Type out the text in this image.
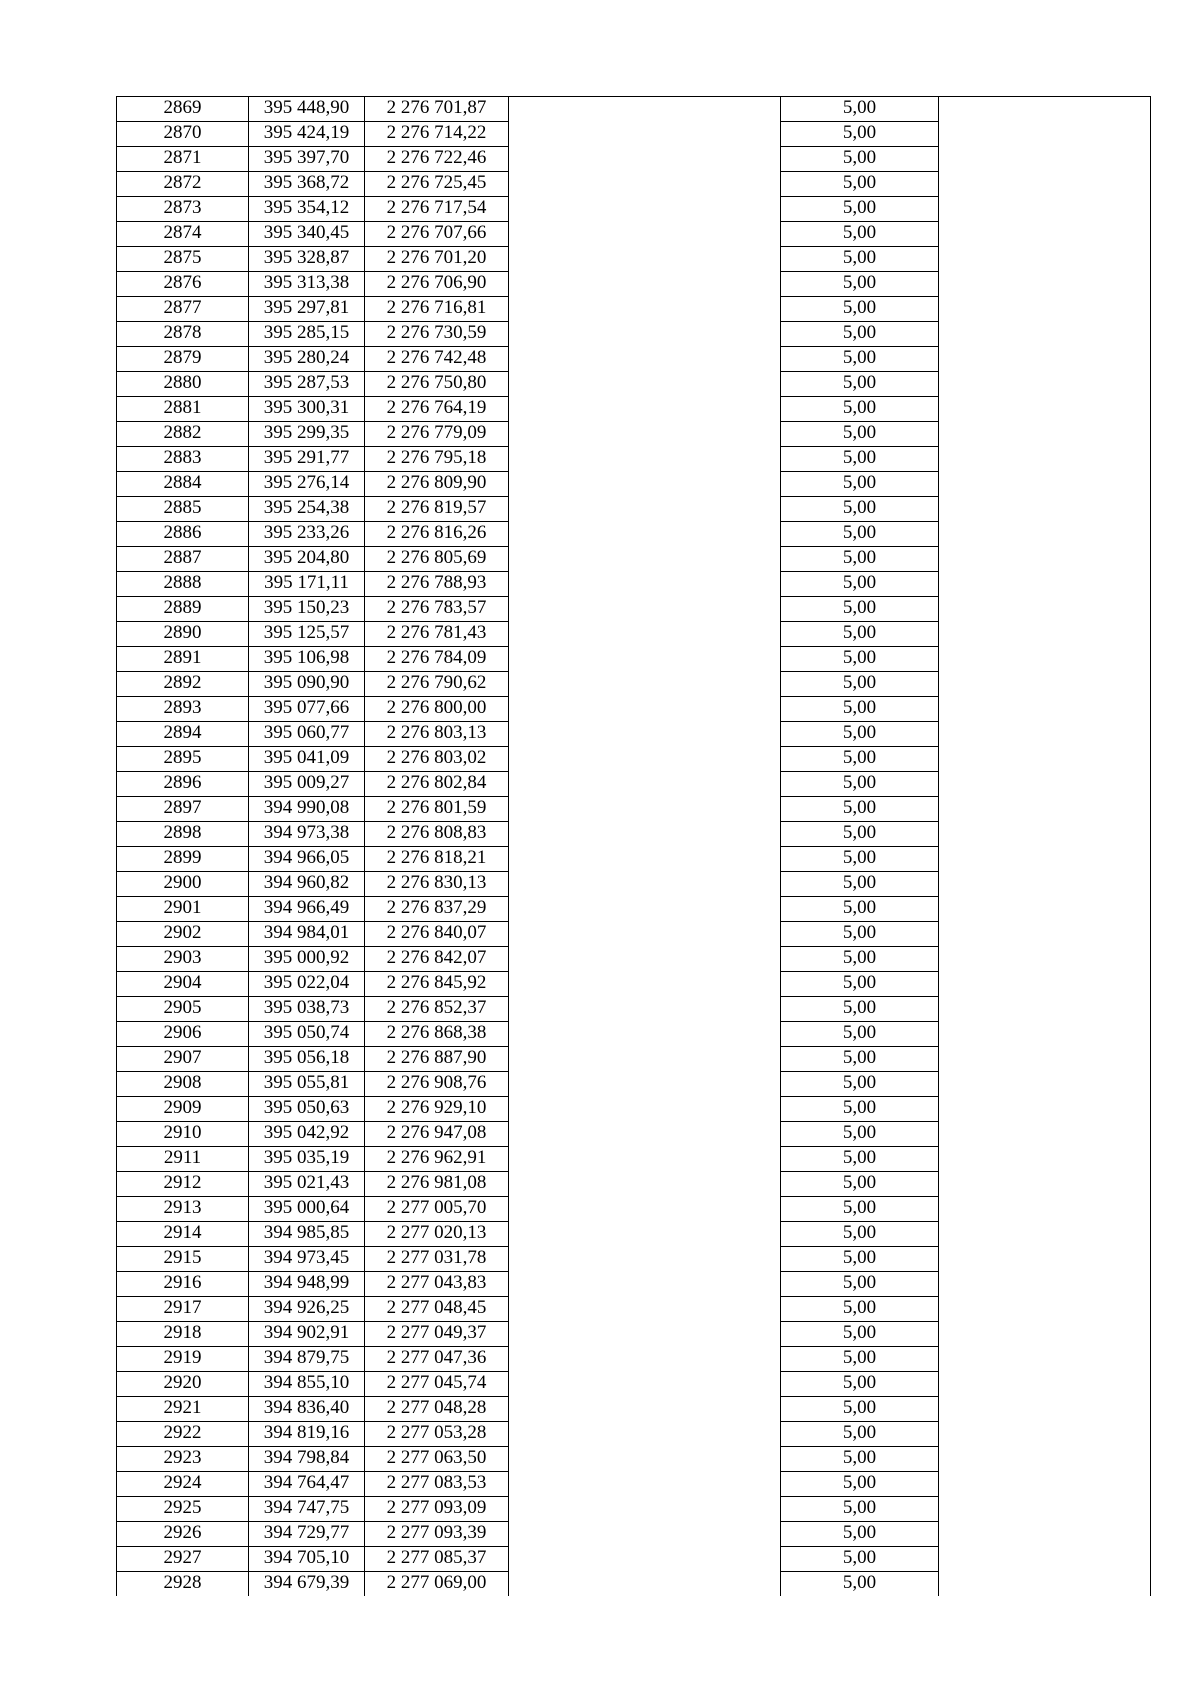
2869	395 448,90	2 276 701,87		5,00	
2870	395 424,19	2 276 714,22		5,00	
2871	395 397,70	2 276 722,46		5,00	
2872	395 368,72	2 276 725,45		5,00	
2873	395 354,12	2 276 717,54		5,00	
2874	395 340,45	2 276 707,66		5,00	
2875	395 328,87	2 276 701,20		5,00	
2876	395 313,38	2 276 706,90		5,00	
2877	395 297,81	2 276 716,81		5,00	
2878	395 285,15	2 276 730,59		5,00	
2879	395 280,24	2 276 742,48		5,00	
2880	395 287,53	2 276 750,80		5,00	
2881	395 300,31	2 276 764,19		5,00	
2882	395 299,35	2 276 779,09		5,00	
2883	395 291,77	2 276 795,18		5,00	
2884	395 276,14	2 276 809,90		5,00	
2885	395 254,38	2 276 819,57		5,00	
2886	395 233,26	2 276 816,26		5,00	
2887	395 204,80	2 276 805,69		5,00	
2888	395 171,11	2 276 788,93		5,00	
2889	395 150,23	2 276 783,57		5,00	
2890	395 125,57	2 276 781,43		5,00	
2891	395 106,98	2 276 784,09		5,00	
2892	395 090,90	2 276 790,62		5,00	
2893	395 077,66	2 276 800,00		5,00	
2894	395 060,77	2 276 803,13		5,00	
2895	395 041,09	2 276 803,02		5,00	
2896	395 009,27	2 276 802,84		5,00	
2897	394 990,08	2 276 801,59		5,00	
2898	394 973,38	2 276 808,83		5,00	
2899	394 966,05	2 276 818,21		5,00	
2900	394 960,82	2 276 830,13		5,00	
2901	394 966,49	2 276 837,29		5,00	
2902	394 984,01	2 276 840,07		5,00	
2903	395 000,92	2 276 842,07		5,00	
2904	395 022,04	2 276 845,92		5,00	
2905	395 038,73	2 276 852,37		5,00	
2906	395 050,74	2 276 868,38		5,00	
2907	395 056,18	2 276 887,90		5,00	
2908	395 055,81	2 276 908,76		5,00	
2909	395 050,63	2 276 929,10		5,00	
2910	395 042,92	2 276 947,08		5,00	
2911	395 035,19	2 276 962,91		5,00	
2912	395 021,43	2 276 981,08		5,00	
2913	395 000,64	2 277 005,70		5,00	
2914	394 985,85	2 277 020,13		5,00	
2915	394 973,45	2 277 031,78		5,00	
2916	394 948,99	2 277 043,83		5,00	
2917	394 926,25	2 277 048,45		5,00	
2918	394 902,91	2 277 049,37		5,00	
2919	394 879,75	2 277 047,36		5,00	
2920	394 855,10	2 277 045,74		5,00	
2921	394 836,40	2 277 048,28		5,00	
2922	394 819,16	2 277 053,28		5,00	
2923	394 798,84	2 277 063,50		5,00	
2924	394 764,47	2 277 083,53		5,00	
2925	394 747,75	2 277 093,09		5,00	
2926	394 729,77	2 277 093,39		5,00	
2927	394 705,10	2 277 085,37		5,00	
2928	394 679,39	2 277 069,00		5,00	
